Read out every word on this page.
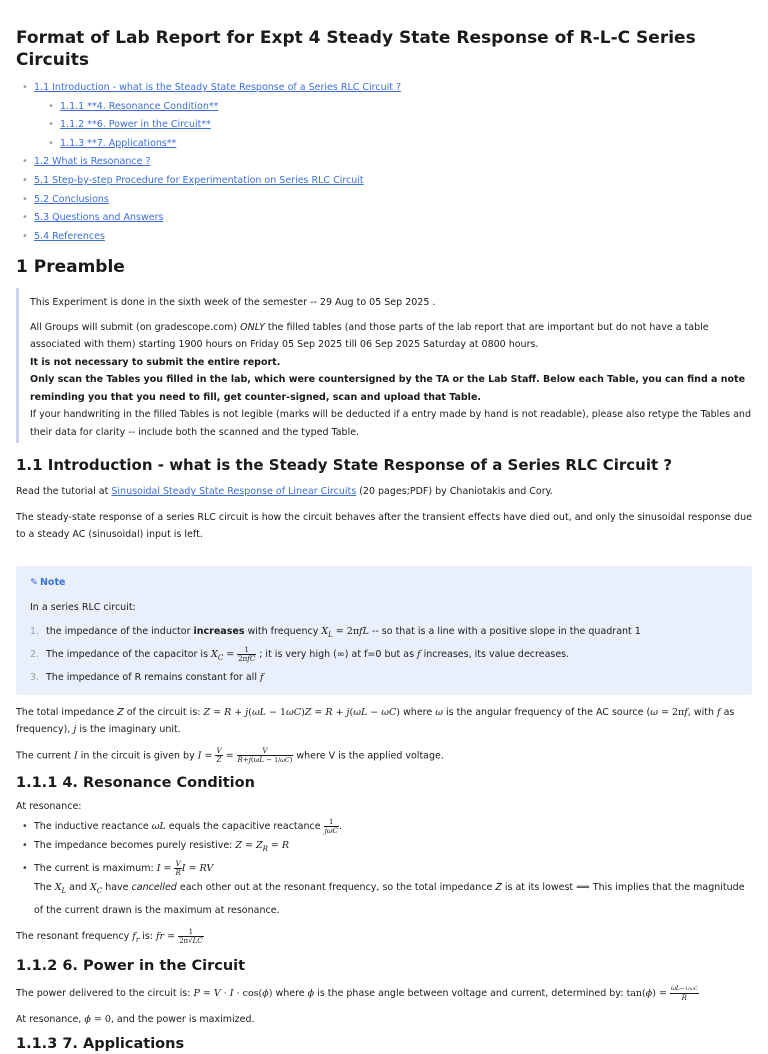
Format of Lab Report for Expt 4 Steady State Response of R-L-C Series Circuits
• 1.1 Introduction - what is the Steady State Response of a Series RLC Circuit ?
• 1.1.1 **4. Resonance Condition**
• 1.1.2 **6. Power in the Circuit**
• 1.1.3 **7. Applications**
• 1.2 What is Resonance ?
• 5.1 Step-by-step Procedure for Experimentation on Series RLC Circuit
• 5.2 Conclusions
• 5.3 Questions and Answers
• 5.4 References
1 Preamble

This Experiment is done in the sixth week of the semester -- 29 Aug to 05 Sep 2025 .

All Groups will submit (on gradescope.com) ONLY the filled tables (and those parts of the lab report that are important but do not have a table associated with them) starting 1900 hours on Friday 05 Sep 2025 till 06 Sep 2025 Saturday at 0800 hours.

It is not necessary to submit the entire report.

Only scan the Tables you filled in the lab, which were countersigned by the TA or the Lab Staff. Below each Table, you can find a note reminding you that you need to fill, get counter-signed, scan and upload that Table.

If your handwriting in the filled Tables is not legible (marks will be deducted if a entry made by hand is not readable), please also retype the Tables and their data for clarity -- include both the scanned and the typed Table.

1.1 Introduction - what is the Steady State Response of a Series RLC Circuit ?

Read the tutorial at Sinusoidal Steady State Response of Linear Circuits (20 pages;PDF) by Chaniotakis and Cory.

The steady-state response of a series RLC circuit is how the circuit behaves after the transient effects have died out, and only the sinusoidal response due to a steady AC (sinusoidal) input is left.

✎ Note

In a series RLC circuit:

1. the impedance of the inductor increases with frequency $X_L = 2\pi fL$ -- so that is a line with a positive slope in the quadrant 1
2. The impedance of the capacitor is $X_C = \frac{1}{\text{2πfC}}$ ; it is very high (∞) at f=0 but as f increases, its value decreases.
3. The impedance of R remains constant for all f

The total impedance Z of the circuit is: Z = R + j(ωL − 1ωC)Z = R + j(ωL − ωC) where ω is the angular frequency of the AC source (ω = 2πf, with f as frequency), j is the imaginary unit.

The current I in the circuit is given by $I = \frac{V}{Z} = \frac{V}{R+j(\omega L - 1/\omega C)}$ where V is the applied voltage.

1.1.1 4. Resonance Condition

At resonance:

• The inductive reactance ωL equals the capacitive reactance $\frac{1}{\text{jωC}}$ .
• The impedance becomes purely resistive: $Z = Z_R = R$
• The current is maximum: $I = \frac{V}{R}$ I = RV
The $X_L$ and $X_C$ have cancelled each other out at the resonant frequency, so the total impedance Z is at its lowest ⟹ This implies that the magnitude of the current drawn is the maximum at resonance.

The resonant frequency $f_r$ is: fr = $\frac{1}{2\pi√LC}$

1.1.2 6. Power in the Circuit

The power delivered to the circuit is: P = V · I · cos(ϕ) where ϕ is the phase angle between voltage and current, determined by: $\tan(\phi) = \frac{\omega L-1/\omega C}{R}$

At resonance, ϕ = 0, and the power is maximized.

1.1.3 7. Applications
